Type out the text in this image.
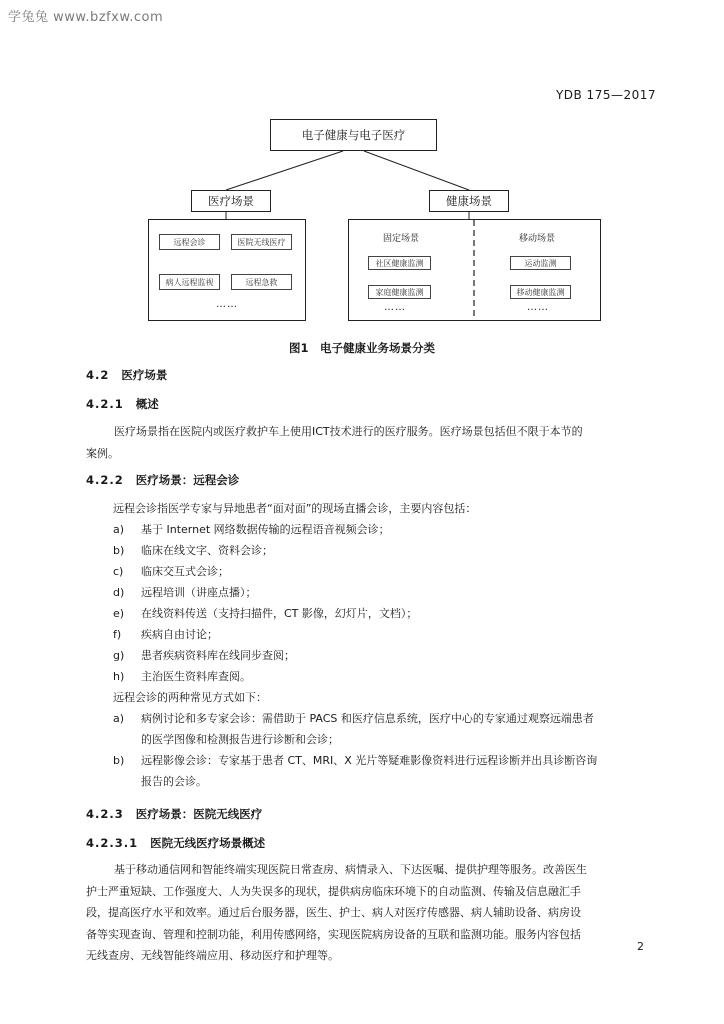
学兔兔 www.bzfxw.com
YDB 175—2017
电子健康与电子医疗
医疗场景	健康场景
远程会诊	医院无线医疗
病人远程监视	远程急救
……
固定场景	移动场景
社区健康监测
家庭健康监测
运动监测
移动健康监测
……	……
图1　电子健康业务场景分类
4.2 医疗场景
4.2.1 概述
医疗场景指在医院内或医疗救护车上使用ICT技术进行的医疗服务。医疗场景包括但不限于本节的
案例。
4.2.2 医疗场景：远程会诊
远程会诊指医学专家与异地患者“面对面”的现场直播会诊，主要内容包括：
a) 基于 Internet 网络数据传输的远程语音视频会诊；
b) 临床在线文字、资料会诊；
c) 临床交互式会诊；
d) 远程培训（讲座点播）；
e) 在线资料传送（支持扫描件，CT 影像，幻灯片，文档）；
f) 疾病自由讨论；
g) 患者疾病资料库在线同步查阅；
h) 主治医生资料库查阅。
远程会诊的两种常见方式如下：
a) 病例讨论和多专家会诊：需借助于 PACS 和医疗信息系统，医疗中心的专家通过观察远端患者
的医学图像和检测报告进行诊断和会诊；
b) 远程影像会诊：专家基于患者 CT、MRI、X 光片等疑难影像资料进行远程诊断并出具诊断咨询
报告的会诊。
4.2.3 医疗场景：医院无线医疗
4.2.3.1 医院无线医疗场景概述
基于移动通信网和智能终端实现医院日常查房、病情录入、下达医嘱、提供护理等服务。改善医生
护士严重短缺、工作强度大、人为失误多的现状，提供病房临床环境下的自动监测、传输及信息融汇手
段，提高医疗水平和效率。通过后台服务器，医生、护士、病人对医疗传感器、病人辅助设备、病房设
备等实现查询、管理和控制功能，利用传感网络，实现医院病房设备的互联和监测功能。服务内容包括
无线查房、无线智能终端应用、移动医疗和护理等。
2
